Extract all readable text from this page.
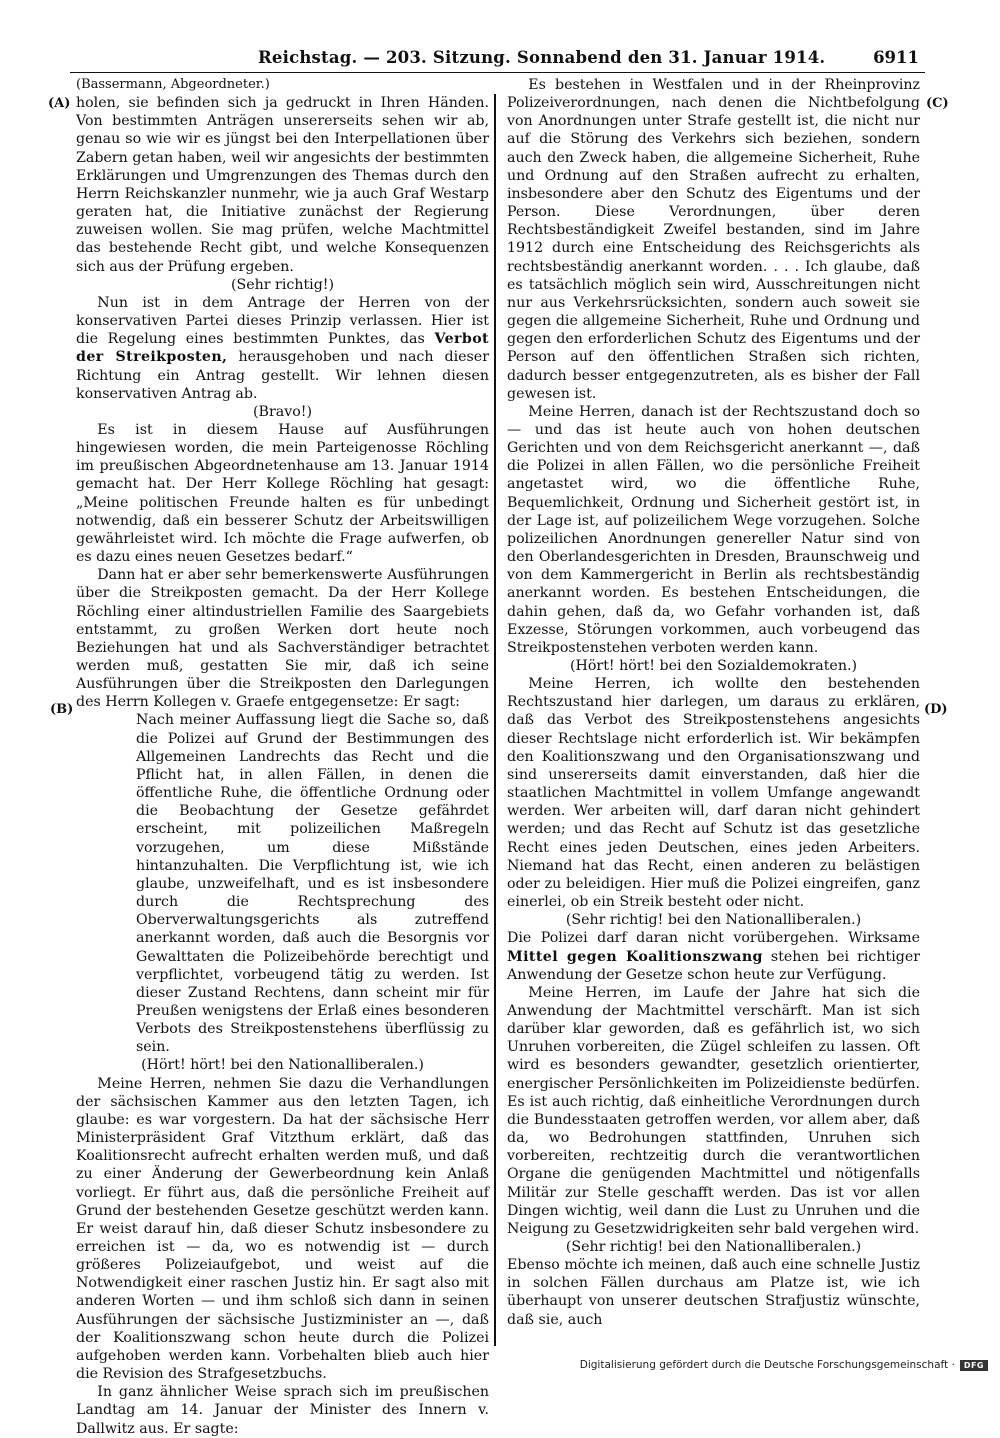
Reichstag. — 203. Sitzung. Sonnabend den 31. Januar 1914.	6911
(A)
(B)
(C)
(D)

(Bassermann, Abgeordneter.)

holen, sie befinden sich ja gedruckt in Ihren Händen. Von bestimmten Anträgen unsererseits sehen wir ab, genau so wie wir es jüngst bei den Interpellationen über Zabern getan haben, weil wir angesichts der bestimmten Erklärungen und Umgrenzungen des Themas durch den Herrn Reichskanzler nunmehr, wie ja auch Graf Westarp geraten hat, die Initiative zunächst der Regierung zuweisen wollen. Sie mag prüfen, welche Machtmittel das bestehende Recht gibt, und welche Konsequenzen sich aus der Prüfung ergeben.

(Sehr richtig!)

Nun ist in dem Antrage der Herren von der konservativen Partei dieses Prinzip verlassen. Hier ist die Regelung eines bestimmten Punktes, das Verbot der Streikposten, herausgehoben und nach dieser Richtung ein Antrag gestellt. Wir lehnen diesen konservativen Antrag ab.

(Bravo!)

Es ist in diesem Hause auf Ausführungen hingewiesen worden, die mein Parteigenosse Röchling im preußischen Abgeordnetenhause am 13. Januar 1914 gemacht hat. Der Herr Kollege Röchling hat gesagt: „Meine politischen Freunde halten es für unbedingt notwendig, daß ein besserer Schutz der Arbeitswilligen gewährleistet wird. Ich möchte die Frage aufwerfen, ob es dazu eines neuen Gesetzes bedarf.“

Dann hat er aber sehr bemerkenswerte Ausführungen über die Streikposten gemacht. Da der Herr Kollege Röchling einer altindustriellen Familie des Saargebiets entstammt, zu großen Werken dort heute noch Beziehungen hat und als Sachverständiger betrachtet werden muß, gestatten Sie mir, daß ich seine Ausführungen über die Streikposten den Darlegungen des Herrn Kollegen v. Graefe entgegensetze: Er sagt:

Nach meiner Auffassung liegt die Sache so, daß die Polizei auf Grund der Bestimmungen des Allgemeinen Landrechts das Recht und die Pflicht hat, in allen Fällen, in denen die öffentliche Ruhe, die öffentliche Ordnung oder die Beobachtung der Gesetze gefährdet erscheint, mit polizeilichen Maßregeln vorzugehen, um diese Mißstände hintanzuhalten. Die Verpflichtung ist, wie ich glaube, unzweifelhaft, und es ist insbesondere durch die Rechtsprechung des Oberverwaltungsgerichts als zutreffend anerkannt worden, daß auch die Besorgnis vor Gewalttaten die Polizeibehörde berechtigt und verpflichtet, vorbeugend tätig zu werden. Ist dieser Zustand Rechtens, dann scheint mir für Preußen wenigstens der Erlaß eines besonderen Verbots des Streikpostenstehens überflüssig zu sein.

(Hört! hört! bei den Nationalliberalen.)

Meine Herren, nehmen Sie dazu die Verhandlungen der sächsischen Kammer aus den letzten Tagen, ich glaube: es war vorgestern. Da hat der sächsische Herr Ministerpräsident Graf Vitzthum erklärt, daß das Koalitionsrecht aufrecht erhalten werden muß, und daß zu einer Änderung der Gewerbeordnung kein Anlaß vorliegt. Er führt aus, daß die persönliche Freiheit auf Grund der bestehenden Gesetze geschützt werden kann. Er weist darauf hin, daß dieser Schutz insbesondere zu erreichen ist — da, wo es notwendig ist — durch größeres Polizeiaufgebot, und weist auf die Notwendigkeit einer raschen Justiz hin. Er sagt also mit anderen Worten — und ihm schloß sich dann in seinen Ausführungen der sächsische Justizminister an —, daß der Koalitionszwang schon heute durch die Polizei aufgehoben werden kann. Vorbehalten blieb auch hier die Revision des Strafgesetzbuchs.

In ganz ähnlicher Weise sprach sich im preußischen Landtag am 14. Januar der Minister des Innern v. Dallwitz aus. Er sagte:

Es bestehen in Westfalen und in der Rheinprovinz Polizeiverordnungen, nach denen die Nichtbefolgung von Anordnungen unter Strafe gestellt ist, die nicht nur auf die Störung des Verkehrs sich beziehen, sondern auch den Zweck haben, die allgemeine Sicherheit, Ruhe und Ordnung auf den Straßen aufrecht zu erhalten, insbesondere aber den Schutz des Eigentums und der Person. Diese Verordnungen, über deren Rechtsbeständigkeit Zweifel bestanden, sind im Jahre 1912 durch eine Entscheidung des Reichsgerichts als rechtsbeständig anerkannt worden. . . . Ich glaube, daß es tatsächlich möglich sein wird, Ausschreitungen nicht nur aus Verkehrsrücksichten, sondern auch soweit sie gegen die allgemeine Sicherheit, Ruhe und Ordnung und gegen den erforderlichen Schutz des Eigentums und der Person auf den öffentlichen Straßen sich richten, dadurch besser entgegenzutreten, als es bisher der Fall gewesen ist.

Meine Herren, danach ist der Rechtszustand doch so — und das ist heute auch von hohen deutschen Gerichten und von dem Reichsgericht anerkannt —, daß die Polizei in allen Fällen, wo die persönliche Freiheit angetastet wird, wo die öffentliche Ruhe, Bequemlichkeit, Ordnung und Sicherheit gestört ist, in der Lage ist, auf polizeilichem Wege vorzugehen. Solche polizeilichen Anordnungen genereller Natur sind von den Oberlandesgerichten in Dresden, Braunschweig und von dem Kammergericht in Berlin als rechtsbeständig anerkannt worden. Es bestehen Entscheidungen, die dahin gehen, daß da, wo Gefahr vorhanden ist, daß Exzesse, Störungen vorkommen, auch vorbeugend das Streikpostenstehen verboten werden kann.

(Hört! hört! bei den Sozialdemokraten.)

Meine Herren, ich wollte den bestehenden Rechtszustand hier darlegen, um daraus zu erklären, daß das Verbot des Streikpostenstehens angesichts dieser Rechtslage nicht erforderlich ist. Wir bekämpfen den Koalitionszwang und den Organisationszwang und sind unsererseits damit einverstanden, daß hier die staatlichen Machtmittel in vollem Umfange angewandt werden. Wer arbeiten will, darf daran nicht gehindert werden; und das Recht auf Schutz ist das gesetzliche Recht eines jeden Deutschen, eines jeden Arbeiters. Niemand hat das Recht, einen anderen zu belästigen oder zu beleidigen. Hier muß die Polizei eingreifen, ganz einerlei, ob ein Streik besteht oder nicht.

(Sehr richtig! bei den Nationalliberalen.)

Die Polizei darf daran nicht vorübergehen. Wirksame Mittel gegen Koalitionszwang stehen bei richtiger Anwendung der Gesetze schon heute zur Verfügung.

Meine Herren, im Laufe der Jahre hat sich die Anwendung der Machtmittel verschärft. Man ist sich darüber klar geworden, daß es gefährlich ist, wo sich Unruhen vorbereiten, die Zügel schleifen zu lassen. Oft wird es besonders gewandter, gesetzlich orientierter, energischer Persönlichkeiten im Polizeidienste bedürfen. Es ist auch richtig, daß einheitliche Verordnungen durch die Bundesstaaten getroffen werden, vor allem aber, daß da, wo Bedrohungen stattfinden, Unruhen sich vorbereiten, rechtzeitig durch die verantwortlichen Organe die genügenden Machtmittel und nötigenfalls Militär zur Stelle geschafft werden. Das ist vor allen Dingen wichtig, weil dann die Lust zu Unruhen und die Neigung zu Gesetzwidrigkeiten sehr bald vergehen wird.

(Sehr richtig! bei den Nationalliberalen.)

Ebenso möchte ich meinen, daß auch eine schnelle Justiz in solchen Fällen durchaus am Platze ist, wie ich überhaupt von unserer deutschen Strafjustiz wünschte, daß sie, auch

Digitalisierung gefördert durch die Deutsche Forschungsgemeinschaft ·	DFG
